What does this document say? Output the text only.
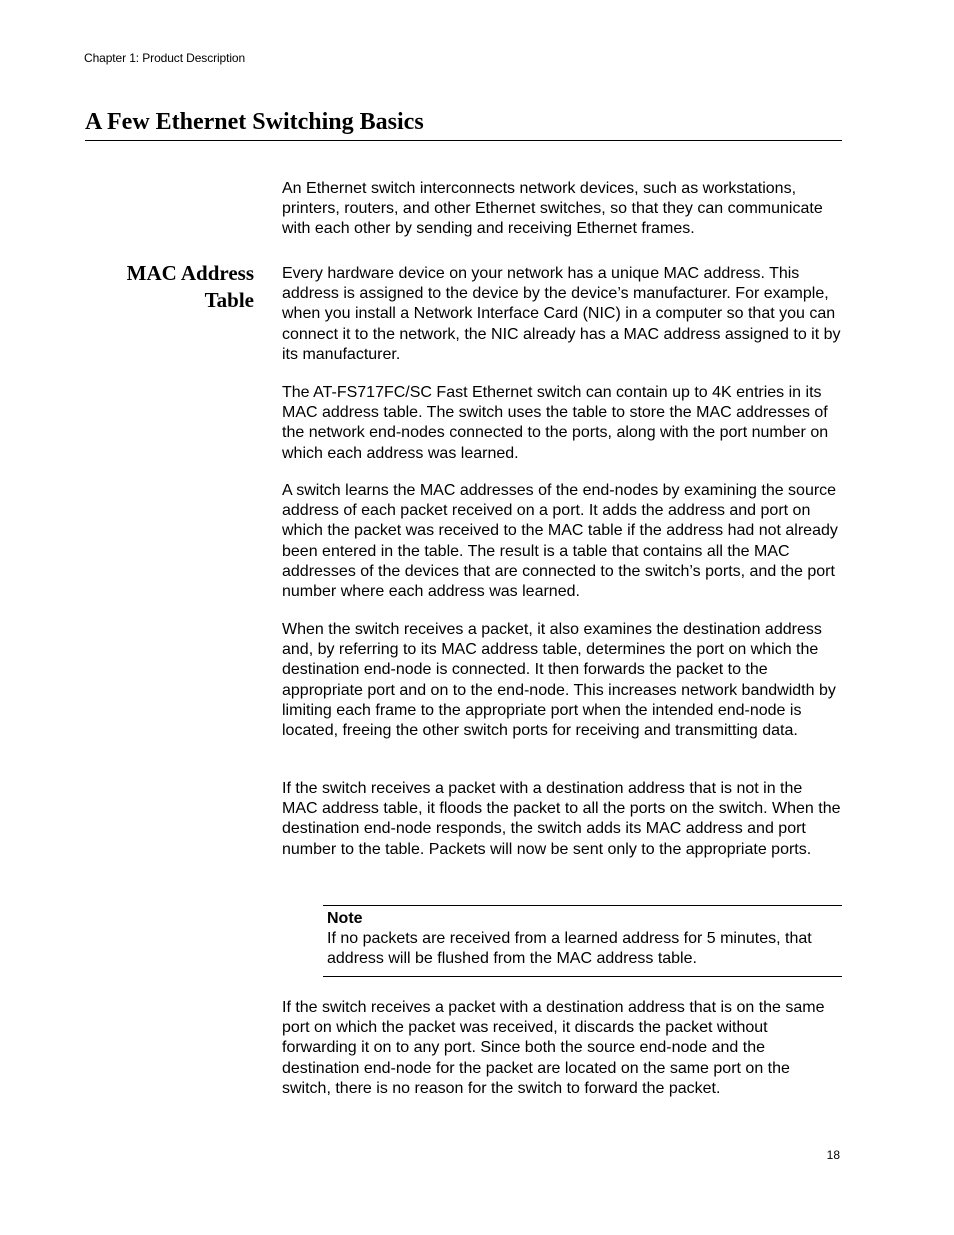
Chapter 1: Product Description
A Few Ethernet Switching Basics

An Ethernet switch interconnects network devices, such as workstations, printers, routers, and other Ethernet switches, so that they can communicate with each other by sending and receiving Ethernet frames.

MAC Address
Table

Every hardware device on your network has a unique MAC address. This address is assigned to the device by the device’s manufacturer. For example, when you install a Network Interface Card (NIC) in a computer so that you can connect it to the network, the NIC already has a MAC address assigned to it by its manufacturer.

The AT-FS717FC/SC Fast Ethernet switch can contain up to 4K entries in its MAC address table. The switch uses the table to store the MAC addresses of the network end-nodes connected to the ports, along with the port number on which each address was learned.

A switch learns the MAC addresses of the end-nodes by examining the source address of each packet received on a port. It adds the address and port on which the packet was received to the MAC table if the address had not already been entered in the table. The result is a table that contains all the MAC addresses of the devices that are connected to the switch’s ports, and the port number where each address was learned.

When the switch receives a packet, it also examines the destination address and, by referring to its MAC address table, determines the port on which the destination end-node is connected. It then forwards the packet to the appropriate port and on to the end-node. This increases network bandwidth by limiting each frame to the appropriate port when the intended end-node is located, freeing the other switch ports for receiving and transmitting data.

If the switch receives a packet with a destination address that is not in the MAC address table, it floods the packet to all the ports on the switch. When the destination end-node responds, the switch adds its MAC address and port number to the table. Packets will now be sent only to the appropriate ports.

Note

If no packets are received from a learned address for 5 minutes, that address will be flushed from the MAC address table.

If the switch receives a packet with a destination address that is on the same port on which the packet was received, it discards the packet without forwarding it on to any port. Since both the source end-node and the destination end-node for the packet are located on the same port on the switch, there is no reason for the switch to forward the packet.

18
